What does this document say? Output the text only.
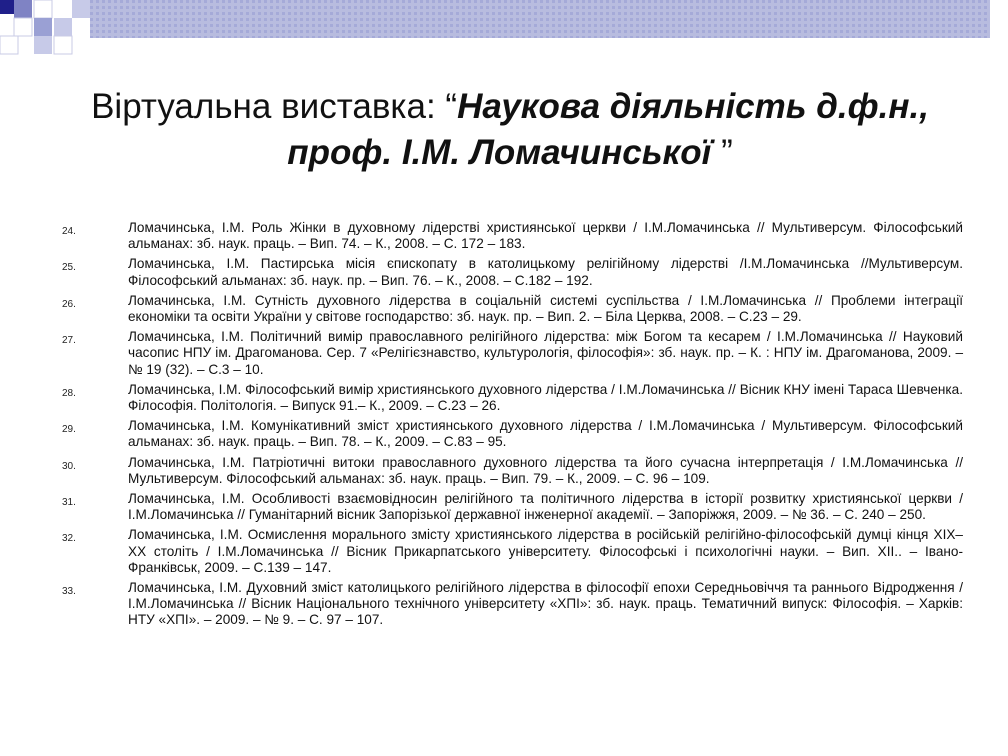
Віртуальна виставка: “Наукова діяльність д.ф.н., проф. І.М. Ломачинської ”
24.	Ломачинська, І.М. Роль Жінки в духовному лідерстві християнської церкви / І.М.Ломачинська // Мультиверсум. Філософський альманах: зб. наук. праць. – Вип. 74. – К., 2008. – С. 172 – 183.
25.	Ломачинська, І.М. Пастирська місія єпископату в католицькому релігійному лідерстві /І.М.Ломачинська //Мультиверсум. Філософський альманах: зб. наук. пр. – Вип. 76. – К., 2008. – С.182 – 192.
26.	Ломачинська, І.М. Сутність духовного лідерства в соціальній системі суспільства / І.М.Ломачинська // Проблеми інтеграції економіки та освіти України у світове господарство: зб. наук. пр. – Вип. 2. – Біла Церква, 2008. – С.23 – 29.
27.	Ломачинська, І.М. Політичний вимір православного релігійного лідерства: між Богом та кесарем / І.М.Ломачинська // Науковий часопис НПУ ім. Драгоманова. Сер. 7 «Релігієзнавство, культурологія, філософія»: зб. наук. пр. – К. : НПУ ім. Драгоманова, 2009. – № 19 (32). – С.3 – 10.
28.	Ломачинська, І.М. Філософський вимір християнського духовного лідерства / І.М.Ломачинська // Вісник КНУ імені Тараса Шевченка. Філософія. Політологія. – Випуск 91.– К., 2009. – С.23 – 26.
29.	Ломачинська, І.М. Комунікативний зміст християнського духовного лідерства / І.М.Ломачинська / Мультиверсум. Філософський альманах: зб. наук. праць. – Вип. 78. – К., 2009. – С.83 – 95.
30.	Ломачинська, І.М. Патріотичні витоки православного духовного лідерства та його сучасна інтерпретація / І.М.Ломачинська // Мультиверсум. Філософський альманах: зб. наук. праць. – Вип. 79. – К., 2009. – С. 96 – 109.
31.	Ломачинська, І.М. Особливості взаємовідносин релігійного та політичного лідерства в історії розвитку християнської церкви / І.М.Ломачинська // Гуманітарний вісник Запорізької державної інженерної академії. – Запоріжжя, 2009. – № 36. – С. 240 – 250.
32.	Ломачинська, І.М. Осмислення морального змісту християнського лідерства в російській релігійно-філософській думці кінця ХІХ–ХХ століть / І.М.Ломачинська // Вісник Прикарпатського університету. Філософські і психологічні науки. – Вип. XII.. – Івано-Франківськ, 2009. – С.139 – 147.
33.	Ломачинська, І.М. Духовний зміст католицького релігійного лідерства в філософії епохи Середньовіччя та раннього Відродження / І.М.Ломачинська // Вісник Національного технічного університету «ХПІ»: зб. наук. праць. Тематичний випуск: Філософія. – Харків: НТУ «ХПІ». – 2009. – № 9. – С. 97 – 107.
